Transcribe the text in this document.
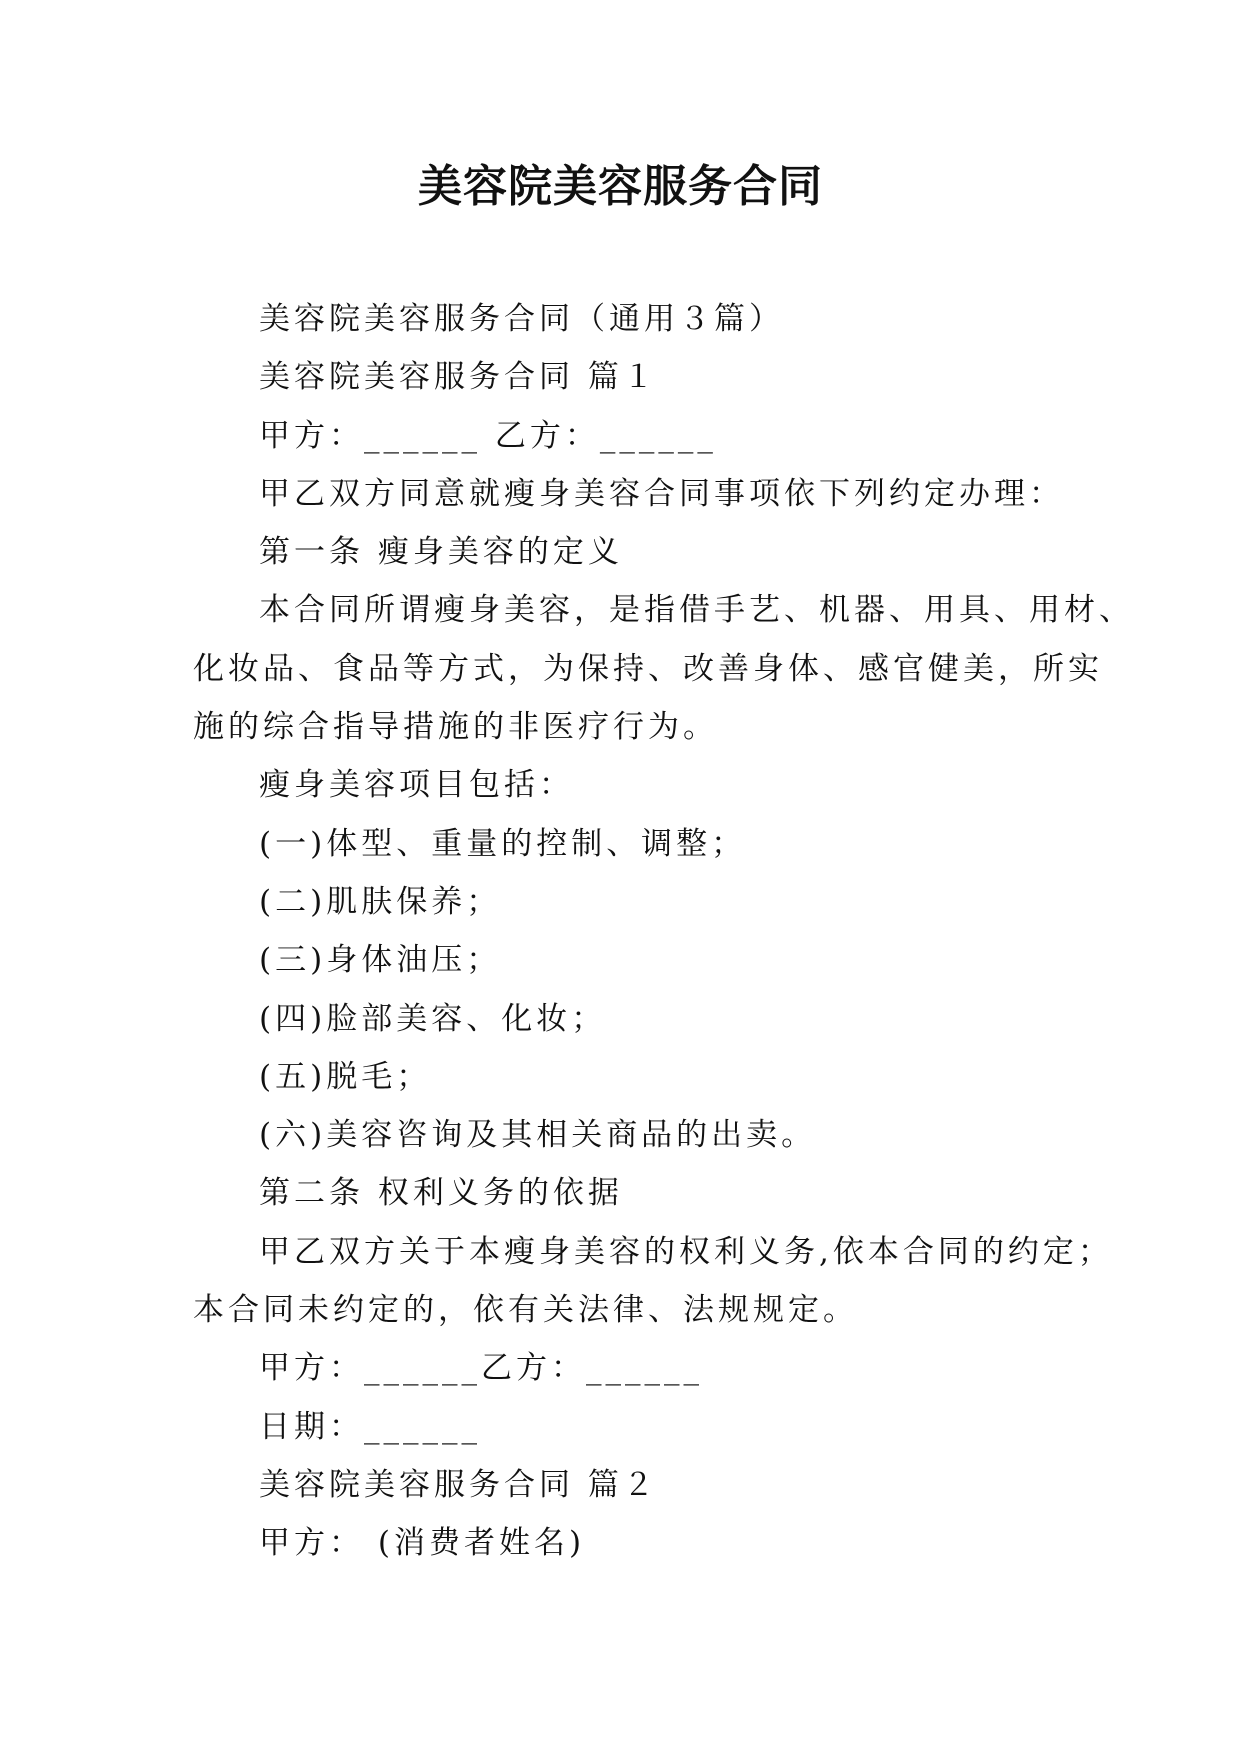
美容院美容服务合同
美容院美容服务合同（通用３篇）
美容院美容服务合同 篇１
甲方：______ 乙方：______
甲乙双方同意就瘦身美容合同事项依下列约定办理：
第一条 瘦身美容的定义
本合同所谓瘦身美容，是指借手艺、机器、用具、用材、
化妆品、食品等方式，为保持、改善身体、感官健美，所实
施的综合指导措施的非医疗行为。
瘦身美容项目包括：
(一)体型、重量的控制、调整；
(二)肌肤保养；
(三)身体油压；
(四)脸部美容、化妆；
(五)脱毛；
(六)美容咨询及其相关商品的出卖。
第二条 权利义务的依据
甲乙双方关于本瘦身美容的权利义务,依本合同的约定；
本合同未约定的，依有关法律、法规规定。
甲方：______乙方：______
日期：______
美容院美容服务合同 篇２
甲方： (消费者姓名)
